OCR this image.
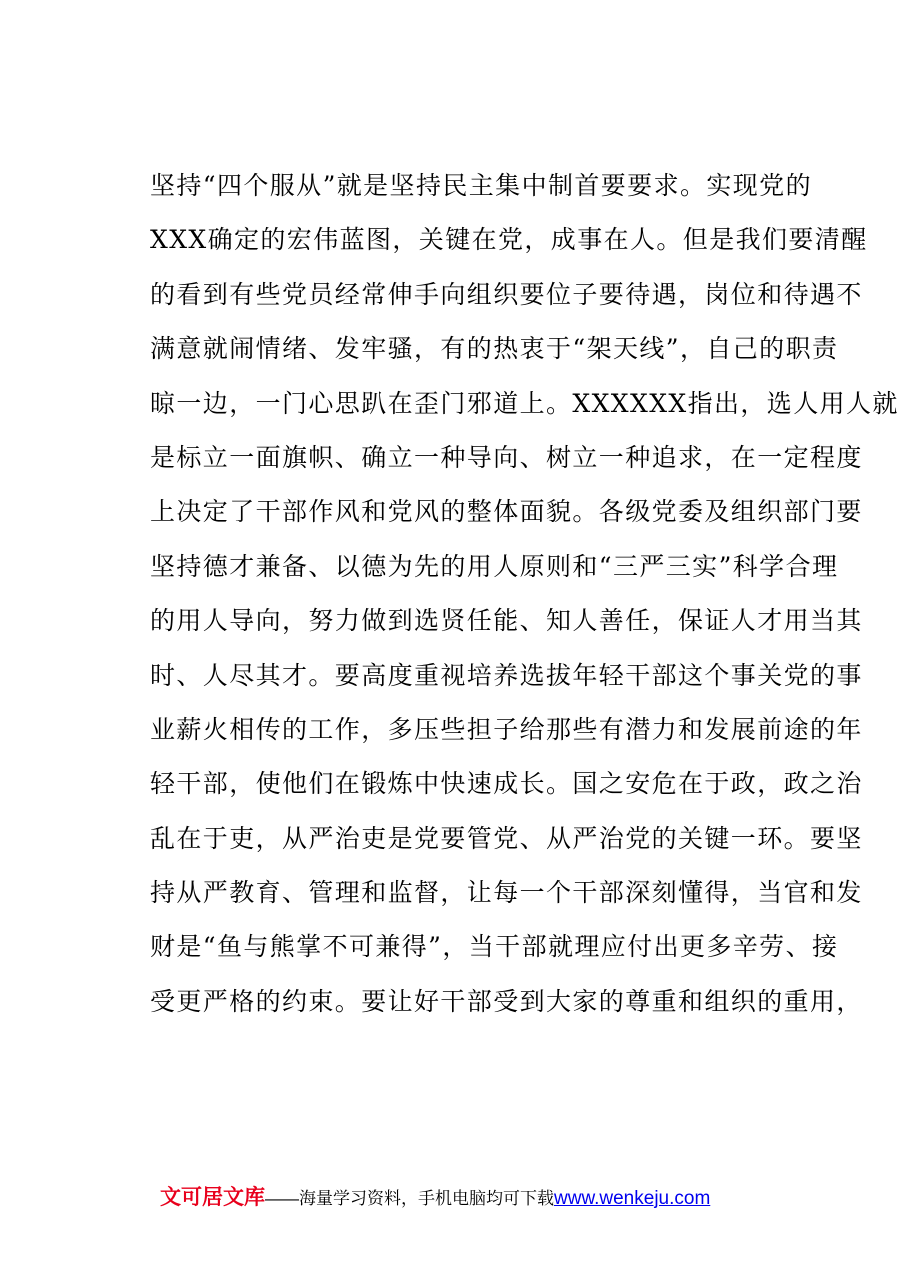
坚持“四个服从”就是坚持民主集中制首要要求。实现党的
XXX确定的宏伟蓝图，关键在党，成事在人。但是我们要清醒
的看到有些党员经常伸手向组织要位子要待遇，岗位和待遇不
满意就闹情绪、发牢骚，有的热衷于“架天线”，自己的职责
晾一边，一门心思趴在歪门邪道上。XXXXXX指出，选人用人就
是标立一面旗帜、确立一种导向、树立一种追求，在一定程度
上决定了干部作风和党风的整体面貌。各级党委及组织部门要
坚持德才兼备、以德为先的用人原则和“三严三实”科学合理
的用人导向，努力做到选贤任能、知人善任，保证人才用当其
时、人尽其才。要高度重视培养选拔年轻干部这个事关党的事
业薪火相传的工作，多压些担子给那些有潜力和发展前途的年
轻干部，使他们在锻炼中快速成长。国之安危在于政，政之治
乱在于吏，从严治吏是党要管党、从严治党的关键一环。要坚
持从严教育、管理和监督，让每一个干部深刻懂得，当官和发
财是“鱼与熊掌不可兼得”，当干部就理应付出更多辛劳、接
受更严格的约束。要让好干部受到大家的尊重和组织的重用，
文可居文库——海量学习资料，手机电脑均可下载www.wenkeju.com
